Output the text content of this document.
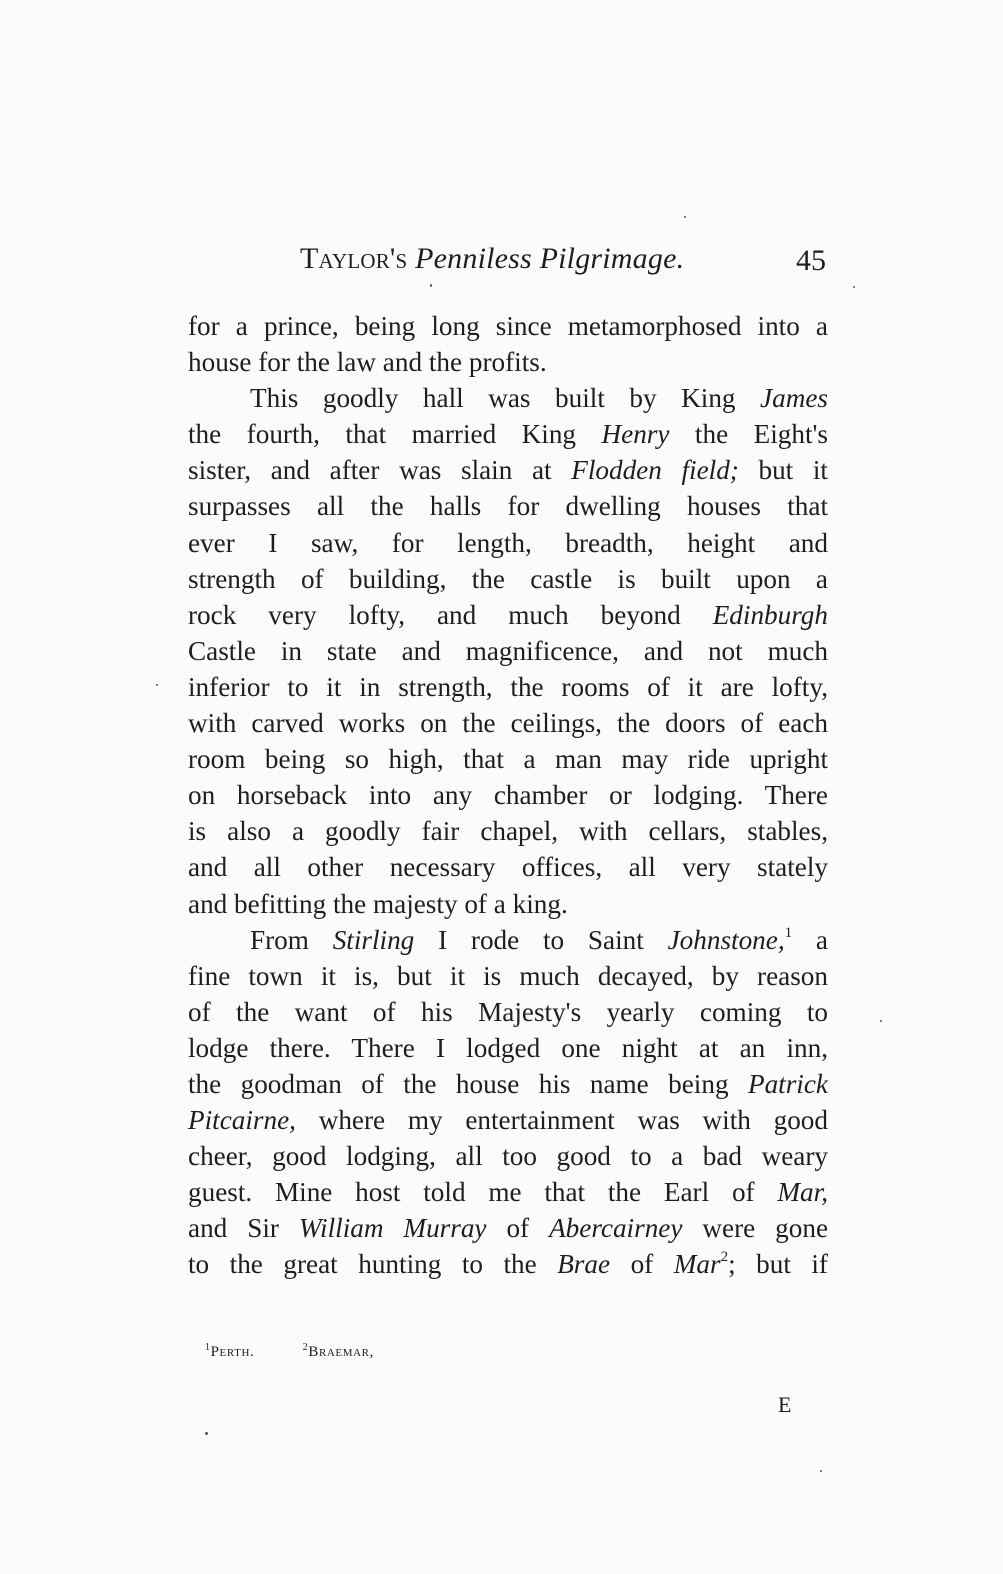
Taylor's Penniless Pilgrimage.	45
for a prince, being long since metamorphosed into a
house for the law and the profits.
This goodly hall was built by King James
the fourth, that married King Henry the Eight's
sister, and after was slain at Flodden field; but it
surpasses all the halls for dwelling houses that
ever I saw, for length, breadth, height and
strength of building, the castle is built upon a
rock very lofty, and much beyond Edinburgh
Castle in state and magnificence, and not much
inferior to it in strength, the rooms of it are lofty,
with carved works on the ceilings, the doors of each
room being so high, that a man may ride upright
on horseback into any chamber or lodging. There
is also a goodly fair chapel, with cellars, stables,
and all other necessary offices, all very stately
and befitting the majesty of a king.
From Stirling I rode to Saint Johnstone,$^1$ a
fine town it is, but it is much decayed, by reason
of the want of his Majesty's yearly coming to
lodge there. There I lodged one night at an inn,
the goodman of the house his name being Patrick
Pitcairne, where my entertainment was with good
cheer, good lodging, all too good to a bad weary
guest. Mine host told me that the Earl of Mar,
and Sir William Murray of Abercairney were gone
to the great hunting to the Brae of Mar$^2$; but if
$^1$Perth.	$^2$Braemar,
E
